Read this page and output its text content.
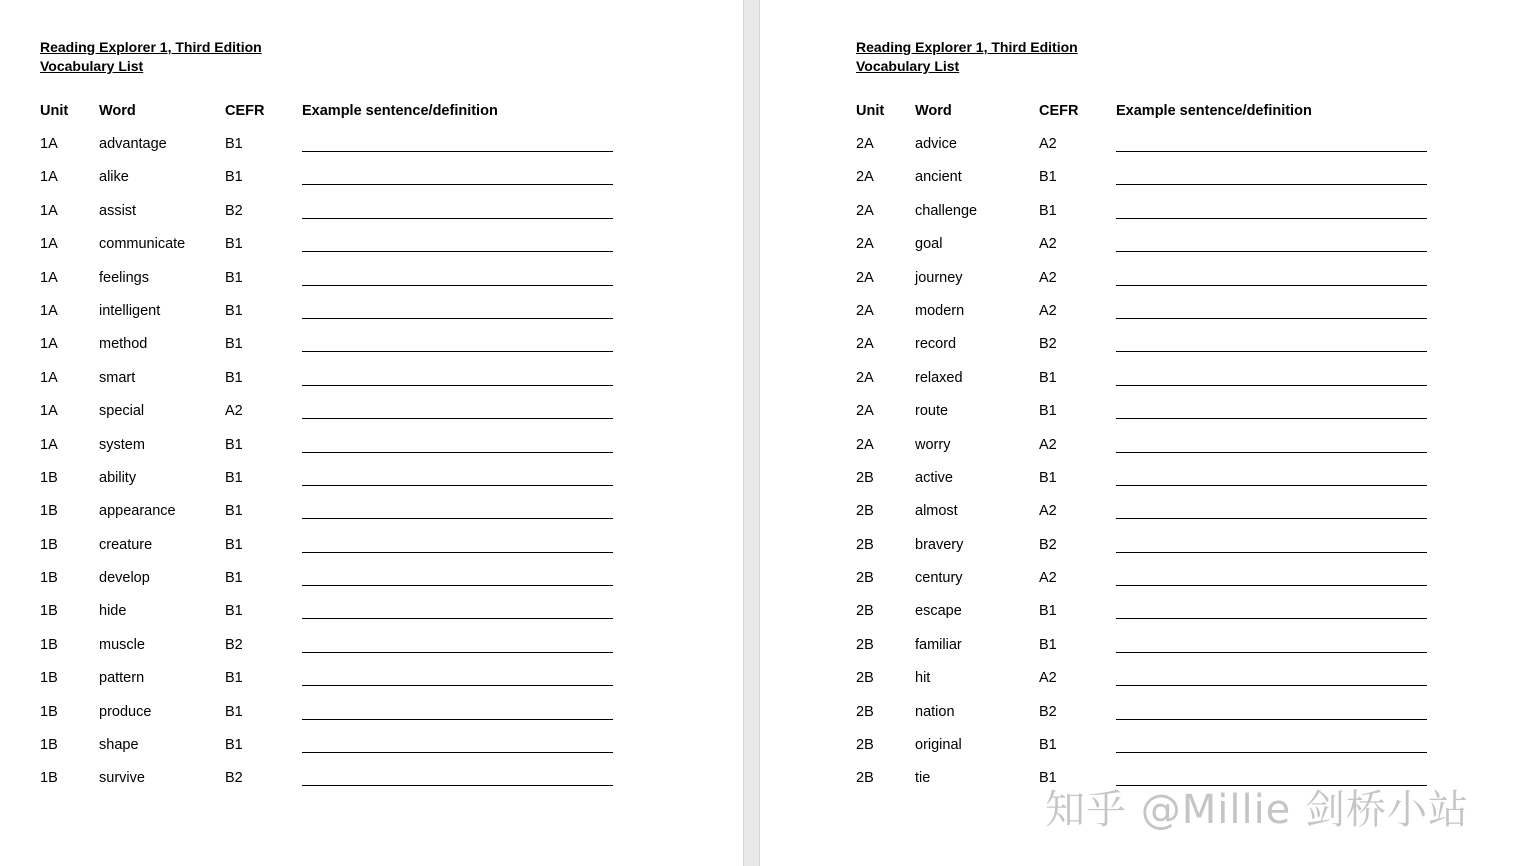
Reading Explorer 1, Third Edition
Vocabulary List
Unit Word	CEFR	Example sentence/definition
1A	advantage	B1
1A	alike	B1
1A	assist	B2
1A	communicate	B1
1A	feelings	B1
1A	intelligent	B1
1A	method	B1
1A	smart	B1
1A	special	A2
1A	system	B1
1B	ability	B1
1B	appearance	B1
1B	creature	B1
1B	develop	B1
1B	hide	B1
1B	muscle	B2
1B	pattern	B1
1B	produce	B1
1B	shape	B1
1B	survive	B2
Reading Explorer 1, Third Edition
Vocabulary List
Unit Word	CEFR	Example sentence/definition
2A	advice	A2
2A	ancient	B1
2A	challenge	B1
2A	goal	A2
2A	journey	A2
2A	modern	A2
2A	record	B2
2A	relaxed	B1
2A	route	B1
2A	worry	A2
2B	active	B1
2B	almost	A2
2B	bravery	B2
2B	century	A2
2B	escape	B1
2B	familiar	B1
2B	hit	A2
2B	nation	B2
2B	original	B1
2B	tie	B1
知乎 @Millie 剑桥小站
